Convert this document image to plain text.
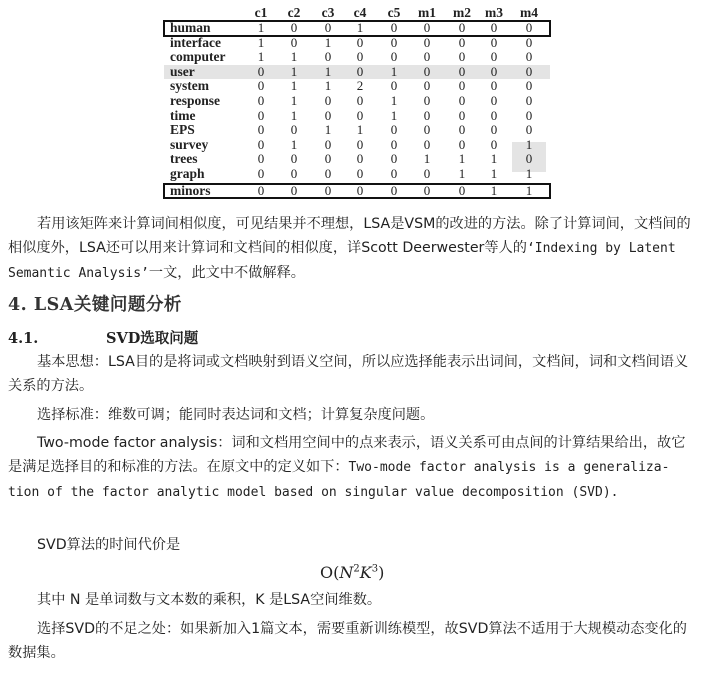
c1 c2 c3 c4 c5 m1 m2 m3 m4
human	1	0	0	1	0	0	0	0	0
interface	1	0	1	0	0	0	0	0	0
computer	1	1	0	0	0	0	0	0	0
user	0	1	1	0	1	0	0	0	0
system	0	1	1	2	0	0	0	0	0
response	0	1	0	0	1	0	0	0	0
time	0	1	0	0	1	0	0	0	0
EPS	0	0	1	1	0	0	0	0	0
survey	0	1	0	0	0	0	0	0	1
trees	0	0	0	0	0	1	1	1	0
graph	0	0	0	0	0	0	1	1	1
minors	0	0	0	0	0	0	0	1	1
若用该矩阵来计算词间相似度，可见结果并不理想，LSA是VSM的改进的方法。除了计算词间，文档间的相似度外，LSA还可以用来计算词和文档间的相似度，详Scott Deerwester等人的‘Indexing by Latent Semantic Analysis’一文，此文中不做解释。
4. LSA关键问题分析
4.1.	SVD选取问题
基本思想：LSA目的是将词或文档映射到语义空间，所以应选择能表示出词间，文档间，词和文档间语义关系的方法。
选择标准：维数可调；能同时表达词和文档；计算复杂度问题。
Two-mode factor analysis：词和文档用空间中的点来表示，语义关系可由点间的计算结果给出，故它是满足选择目的和标准的方法。在原文中的定义如下：Two-mode factor analysis is a generaliza-tion of the factor analytic model based on singular value decomposition (SVD).
SVD算法的时间代价是
$O(N^2K^3)$
其中 N 是单词数与文本数的乘积，K 是LSA空间维数。
选择SVD的不足之处：如果新加入1篇文本，需要重新训练模型，故SVD算法不适用于大规模动态变化的数据集。
